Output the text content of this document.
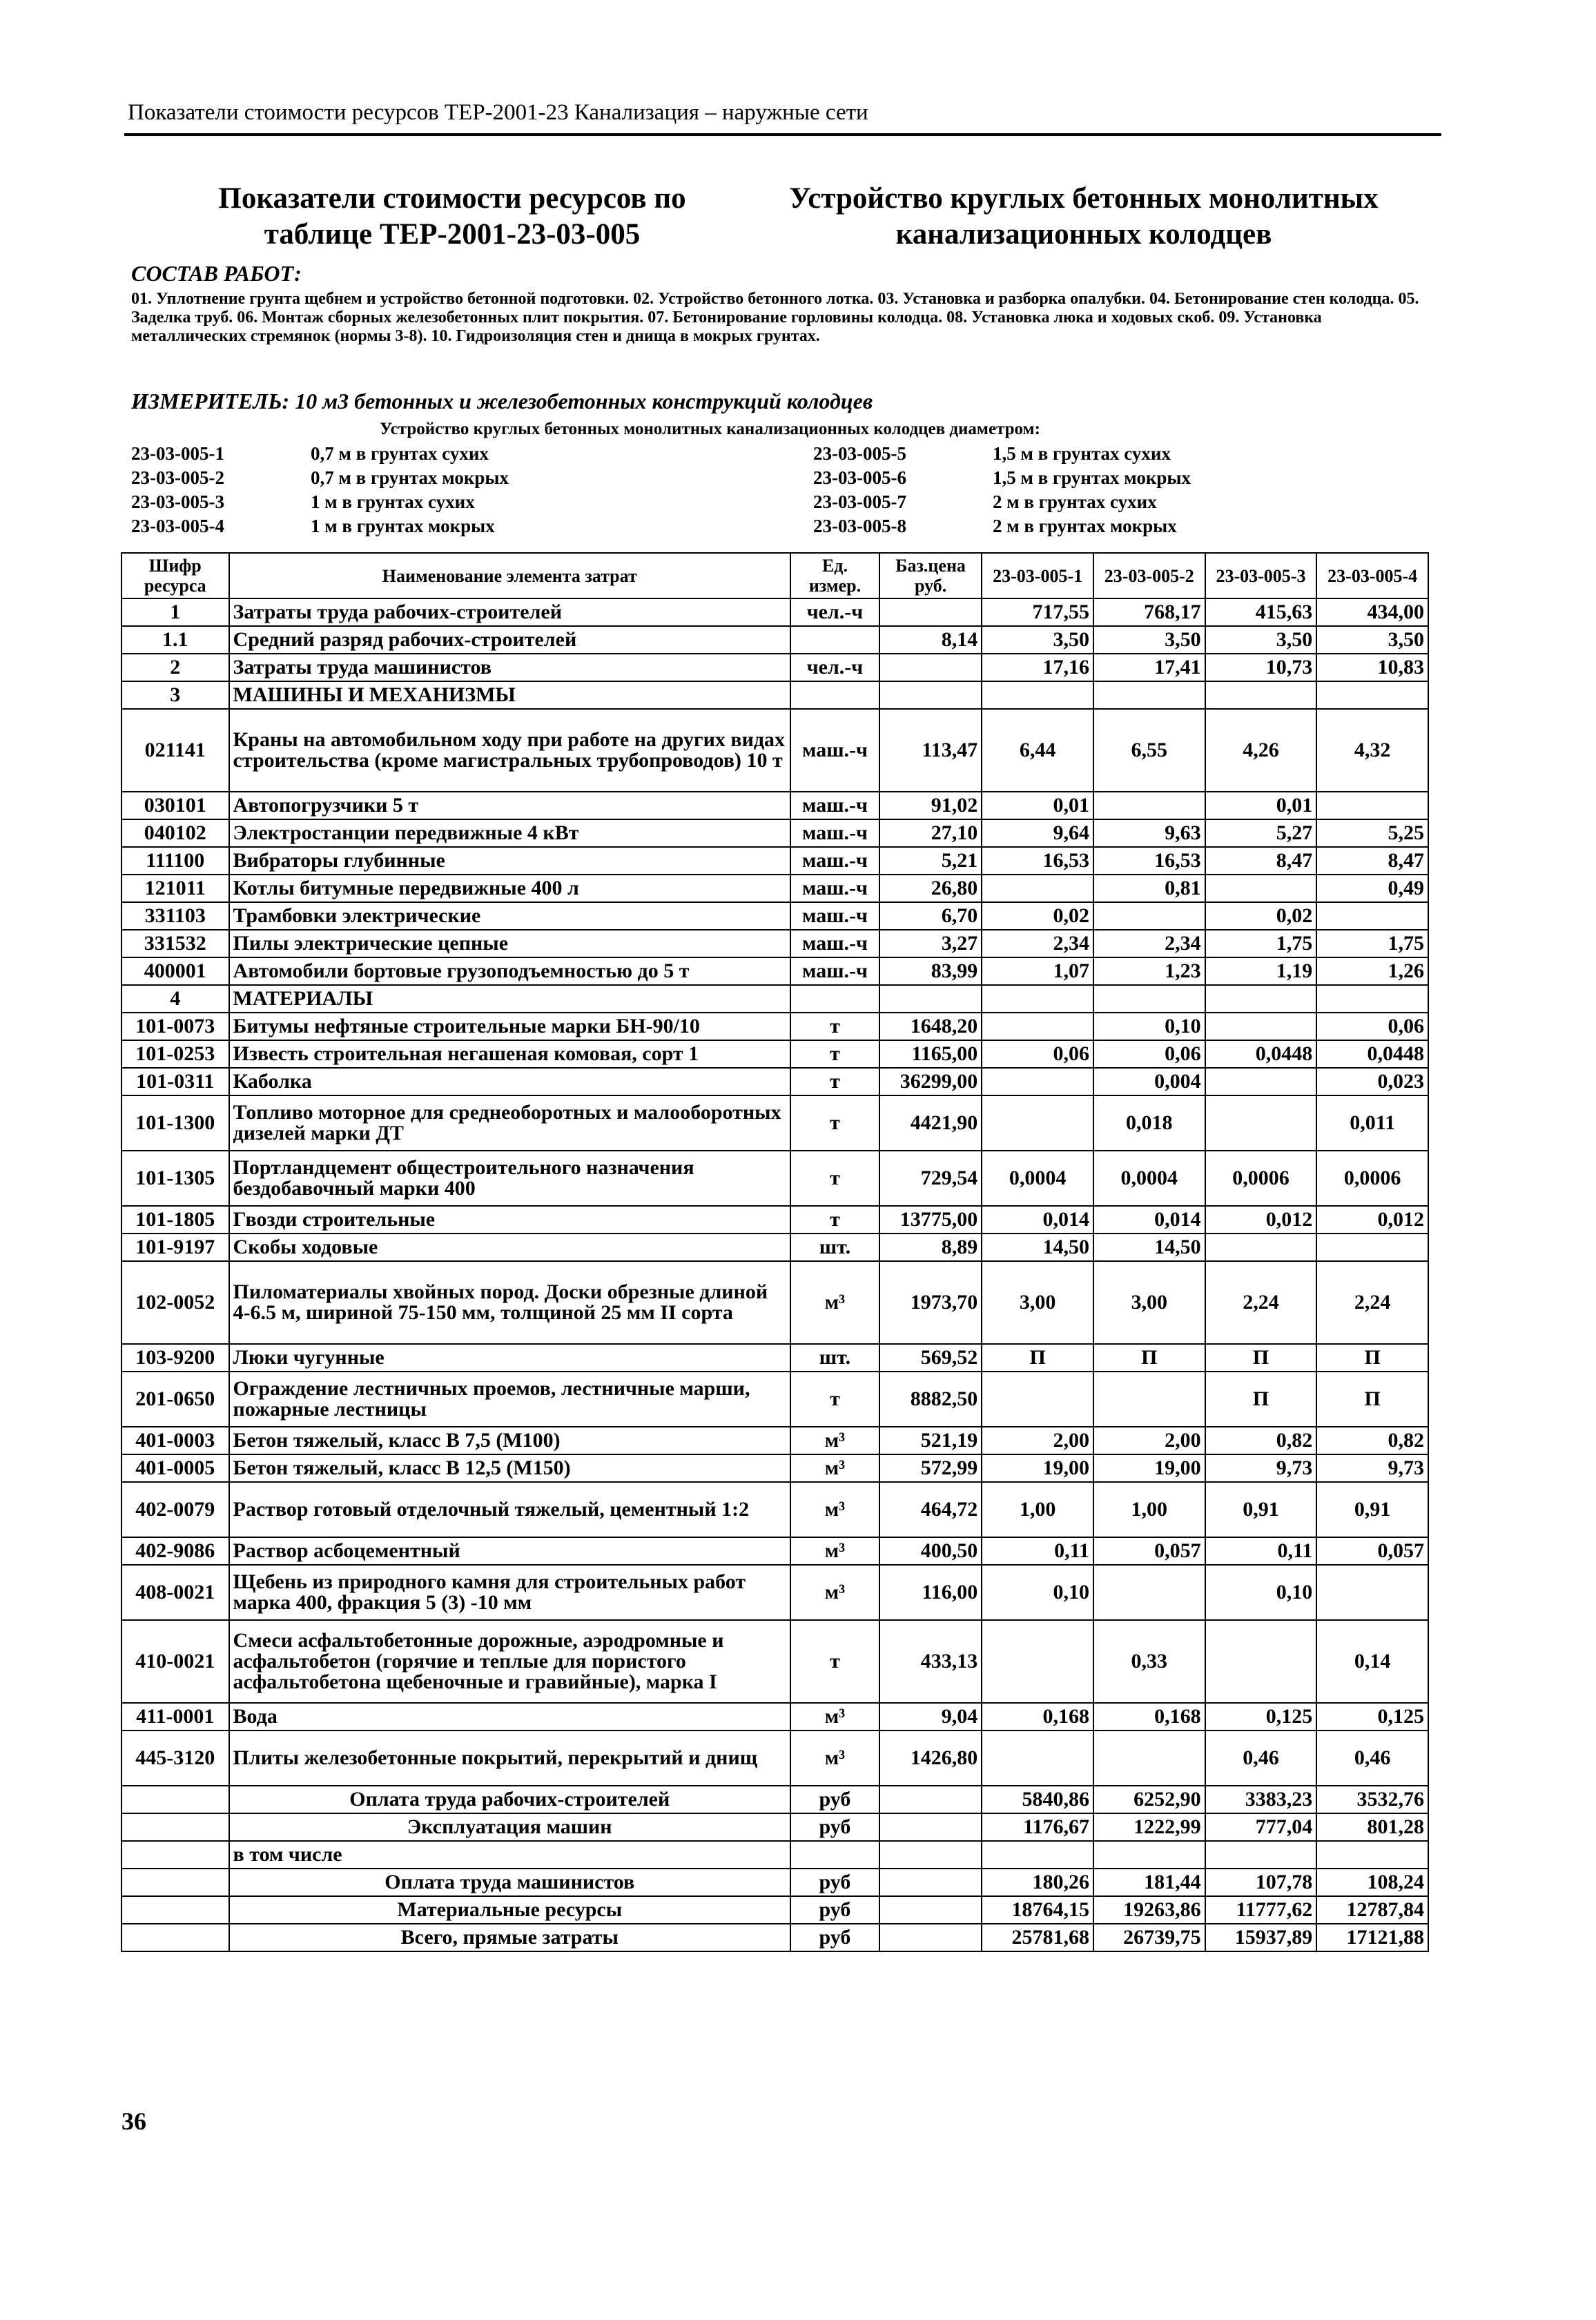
Показатели стоимости ресурсов ТЕР-2001-23 Канализация – наружные сети
Показатели стоимости ресурсов по таблице ТЕР-2001-23-03-005
Устройство круглых бетонных монолитных канализационных колодцев
СОСТАВ РАБОТ:
01. Уплотнение грунта щебнем и устройство бетонной подготовки. 02. Устройство бетонного лотка. 03. Установка и разборка опалубки. 04. Бетонирование стен колодца. 05. Заделка труб. 06. Монтаж сборных железобетонных плит покрытия. 07. Бетонирование горловины колодца. 08. Установка люка и ходовых скоб. 09. Установка металлических стремянок (нормы 3-8). 10. Гидроизоляция стен и днища в мокрых грунтах.
ИЗМЕРИТЕЛЬ: 10 м3 бетонных и железобетонных конструкций колодцев
Устройство круглых бетонных монолитных канализационных колодцев диаметром:
23-03-005-1	0,7 м в грунтах сухих
23-03-005-2	0,7 м в грунтах мокрых
23-03-005-3	1 м в грунтах сухих
23-03-005-4	1 м в грунтах мокрых
23-03-005-5	1,5 м в грунтах сухих
23-03-005-6	1,5 м в грунтах мокрых
23-03-005-7	2 м в грунтах сухих
23-03-005-8	2 м в грунтах мокрых
Шифр ресурса	Наименование элемента затрат	Ед. измер.	Баз.цена руб.	23-03-005-1	23-03-005-2	23-03-005-3	23-03-005-4
1	Затраты труда рабочих-строителей	чел.-ч		717,55	768,17	415,63	434,00
1.1	Средний разряд рабочих-строителей		8,14	3,50	3,50	3,50	3,50
2	Затраты труда машинистов	чел.-ч		17,16	17,41	10,73	10,83
3	МАШИНЫ И МЕХАНИЗМЫ						
021141	Краны на автомобильном ходу при работе на других видах строительства (кроме магистральных трубопроводов) 10 т	маш.-ч	113,47	6,44	6,55	4,26	4,32
030101	Автопогрузчики 5 т	маш.-ч	91,02	0,01		0,01	
040102	Электростанции передвижные 4 кВт	маш.-ч	27,10	9,64	9,63	5,27	5,25
111100	Вибраторы глубинные	маш.-ч	5,21	16,53	16,53	8,47	8,47
121011	Котлы битумные передвижные 400 л	маш.-ч	26,80		0,81		0,49
331103	Трамбовки электрические	маш.-ч	6,70	0,02		0,02	
331532	Пилы электрические цепные	маш.-ч	3,27	2,34	2,34	1,75	1,75
400001	Автомобили бортовые грузоподъемностью до 5 т	маш.-ч	83,99	1,07	1,23	1,19	1,26
4	МАТЕРИАЛЫ						
101-0073	Битумы нефтяные строительные марки БН-90/10	т	1648,20		0,10		0,06
101-0253	Известь строительная негашеная комовая, сорт 1	т	1165,00	0,06	0,06	0,0448	0,0448
101-0311	Каболка	т	36299,00		0,004		0,023
101-1300	Топливо моторное для среднеоборотных и малооборотных дизелей марки ДТ	т	4421,90		0,018		0,011
101-1305	Портландцемент общестроительного назначения бездобавочный марки 400	т	729,54	0,0004	0,0004	0,0006	0,0006
101-1805	Гвозди строительные	т	13775,00	0,014	0,014	0,012	0,012
101-9197	Скобы ходовые	шт.	8,89	14,50	14,50		
102-0052	Пиломатериалы хвойных пород. Доски обрезные длиной 4-6.5 м, шириной 75-150 мм, толщиной 25 мм II сорта	м³	1973,70	3,00	3,00	2,24	2,24
103-9200	Люки чугунные	шт.	569,52	П	П	П	П
201-0650	Ограждение лестничных проемов, лестничные марши, пожарные лестницы	т	8882,50			П	П
401-0003	Бетон тяжелый, класс В 7,5 (М100)	м³	521,19	2,00	2,00	0,82	0,82
401-0005	Бетон тяжелый, класс В 12,5 (М150)	м³	572,99	19,00	19,00	9,73	9,73
402-0079	Раствор готовый отделочный тяжелый, цементный 1:2	м³	464,72	1,00	1,00	0,91	0,91
402-9086	Раствор асбоцементный	м³	400,50	0,11	0,057	0,11	0,057
408-0021	Щебень из природного камня для строительных работ марка 400, фракция 5 (3) -10 мм	м³	116,00	0,10		0,10	
410-0021	Смеси асфальтобетонные дорожные, аэродромные и асфальтобетон (горячие и теплые для пористого асфальтобетона щебеночные и гравийные), марка I	т	433,13		0,33		0,14
411-0001	Вода	м³	9,04	0,168	0,168	0,125	0,125
445-3120	Плиты железобетонные покрытий, перекрытий и днищ	м³	1426,80			0,46	0,46
	Оплата труда рабочих-строителей	руб		5840,86	6252,90	3383,23	3532,76
	Эксплуатация машин	руб		1176,67	1222,99	777,04	801,28
	в том числе						
	Оплата труда машинистов	руб		180,26	181,44	107,78	108,24
	Материальные ресурсы	руб		18764,15	19263,86	11777,62	12787,84
	Всего, прямые затраты	руб		25781,68	26739,75	15937,89	17121,88
36
